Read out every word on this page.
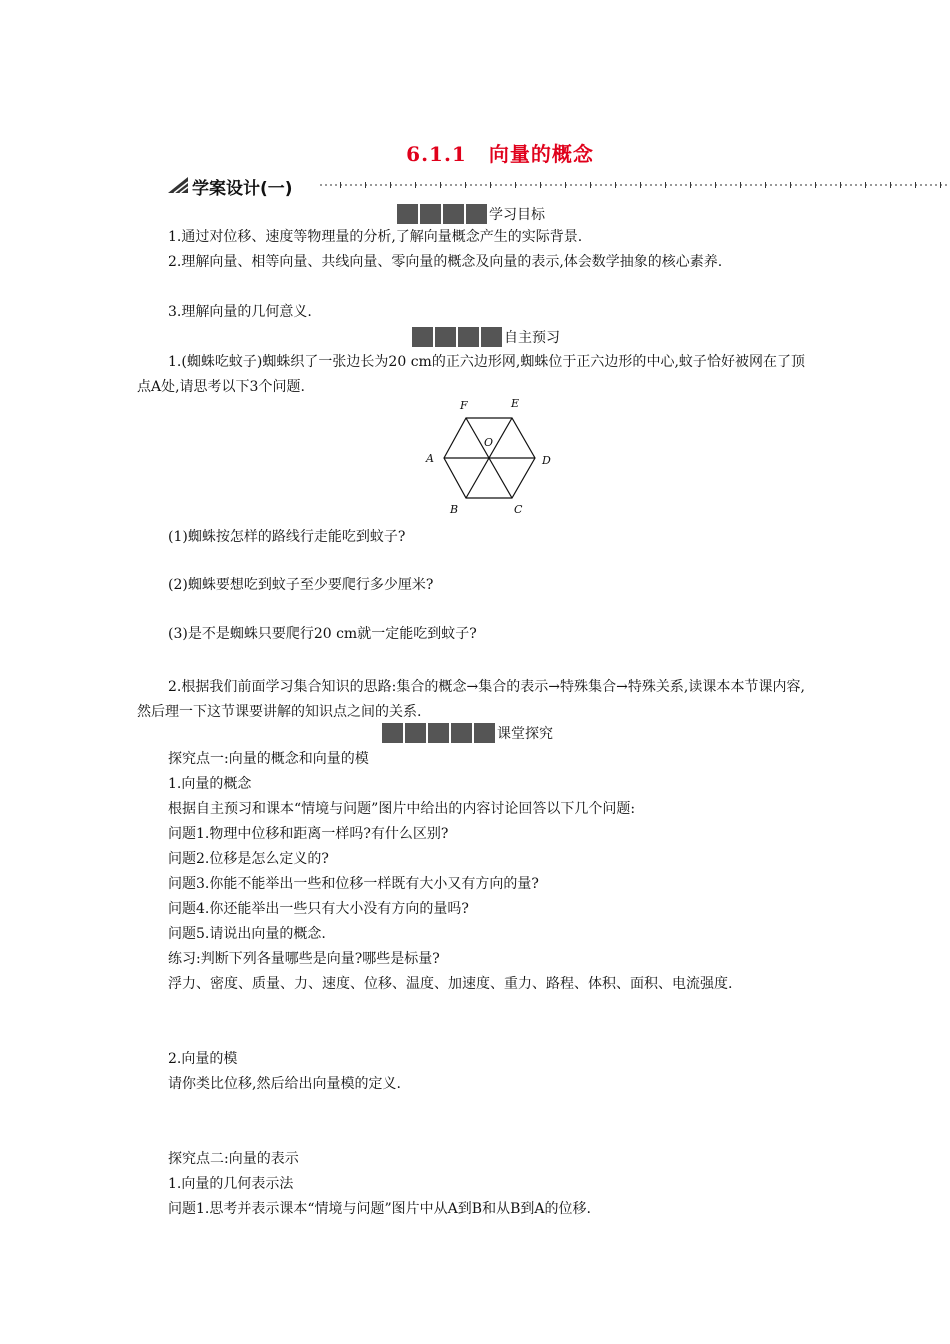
6.1.1 向量的概念
学案设计(一)
学习目标

1.通过对位移、速度等物理量的分析,了解向量概念产生的实际背景.

2.理解向量、相等向量、共线向量、零向量的概念及向量的表示,体会数学抽象的核心素养.

3.理解向量的几何意义.

自主预习

1.(蜘蛛吃蚊子)蜘蛛织了一张边长为20 cm的正六边形网,蜘蛛位于正六边形的中心,蚊子恰好被网在了顶点A处,请思考以下3个问题.

F	E
O
A	D
B	C

(1)蜘蛛按怎样的路线行走能吃到蚊子?

(2)蜘蛛要想吃到蚊子至少要爬行多少厘米?

(3)是不是蜘蛛只要爬行20 cm就一定能吃到蚊子?

2.根据我们前面学习集合知识的思路:集合的概念→集合的表示→特殊集合→特殊关系,读课本本节课内容,然后理一下这节课要讲解的知识点之间的关系.

课堂探究

探究点一:向量的概念和向量的模

1.向量的概念

根据自主预习和课本“情境与问题”图片中给出的内容讨论回答以下几个问题:

问题1.物理中位移和距离一样吗?有什么区别?

问题2.位移是怎么定义的?

问题3.你能不能举出一些和位移一样既有大小又有方向的量?

问题4.你还能举出一些只有大小没有方向的量吗?

问题5.请说出向量的概念.

练习:判断下列各量哪些是向量?哪些是标量?

浮力、密度、质量、力、速度、位移、温度、加速度、重力、路程、体积、面积、电流强度.

2.向量的模

请你类比位移,然后给出向量模的定义.

探究点二:向量的表示

1.向量的几何表示法

问题1.思考并表示课本“情境与问题”图片中从A到B和从B到A的位移.
